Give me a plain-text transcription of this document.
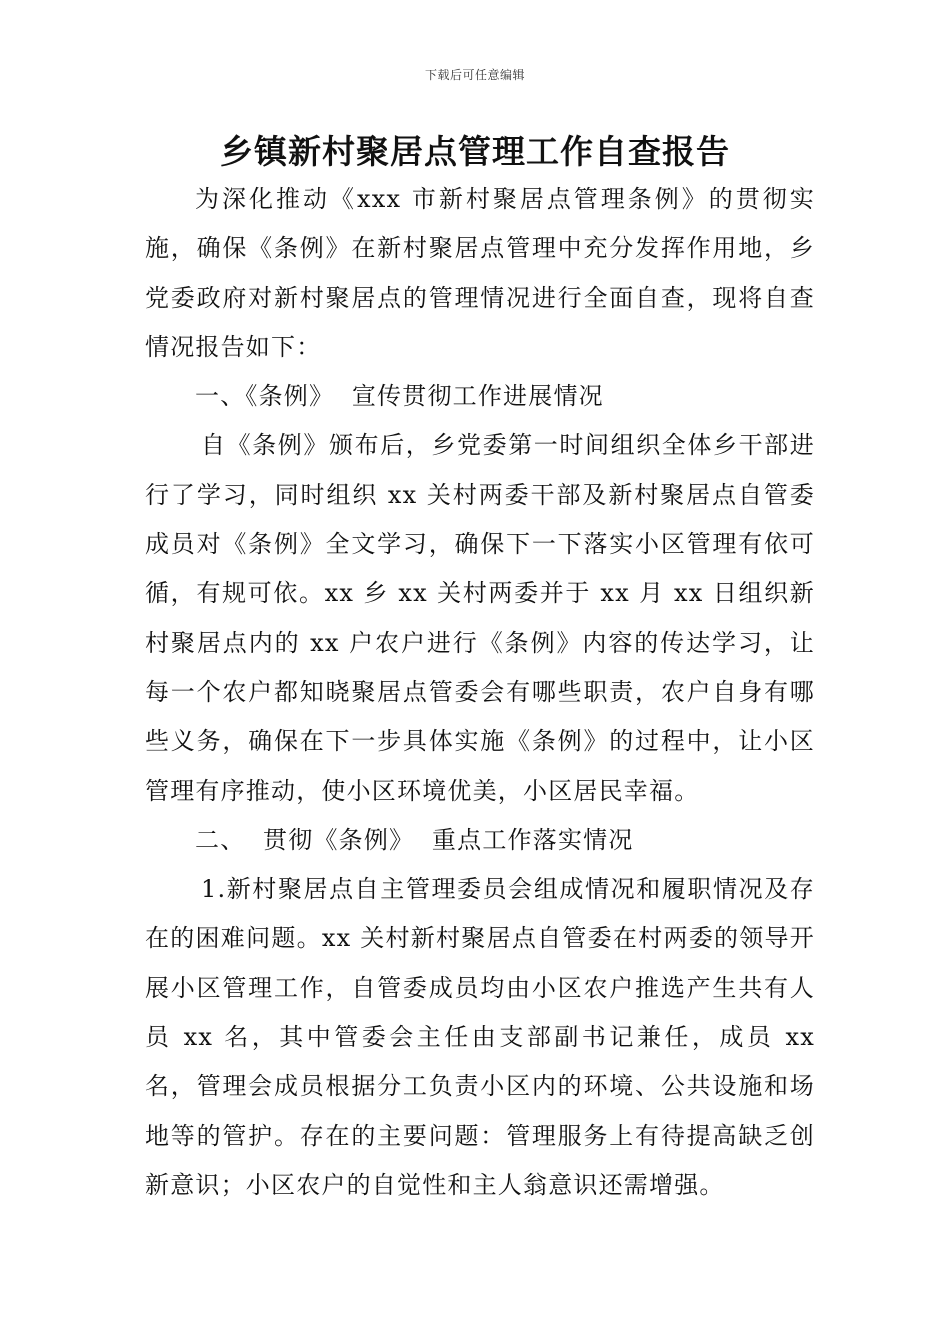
下载后可任意编辑
乡镇新村聚居点管理工作自查报告

为深化推动《xxx 市新村聚居点管理条例》的贯彻实施，确保《条例》在新村聚居点管理中充分发挥作用地，乡党委政府对新村聚居点的管理情况进行全面自查，现将自查情况报告如下：

一、《条例》  宣传贯彻工作进展情况

自《条例》颁布后，乡党委第一时间组织全体乡干部进行了学习，同时组织 xx 关村两委干部及新村聚居点自管委成员对《条例》全文学习，确保下一下落实小区管理有依可循，有规可依。xx 乡 xx 关村两委并于 xx 月 xx 日组织新村聚居点内的 xx 户农户进行《条例》内容的传达学习，让每一个农户都知晓聚居点管委会有哪些职责，农户自身有哪些义务，确保在下一步具体实施《条例》的过程中，让小区管理有序推动，使小区环境优美，小区居民幸福。

二、  贯彻《条例》  重点工作落实情况

1.新村聚居点自主管理委员会组成情况和履职情况及存在的困难问题。xx 关村新村聚居点自管委在村两委的领导开展小区管理工作，自管委成员均由小区农户推选产生共有人员 xx 名，其中管委会主任由支部副书记兼任，成员 xx 名，管理会成员根据分工负责小区内的环境、公共设施和场地等的管护。存在的主要问题：管理服务上有待提高缺乏创新意识；小区农户的自觉性和主人翁意识还需增强。
